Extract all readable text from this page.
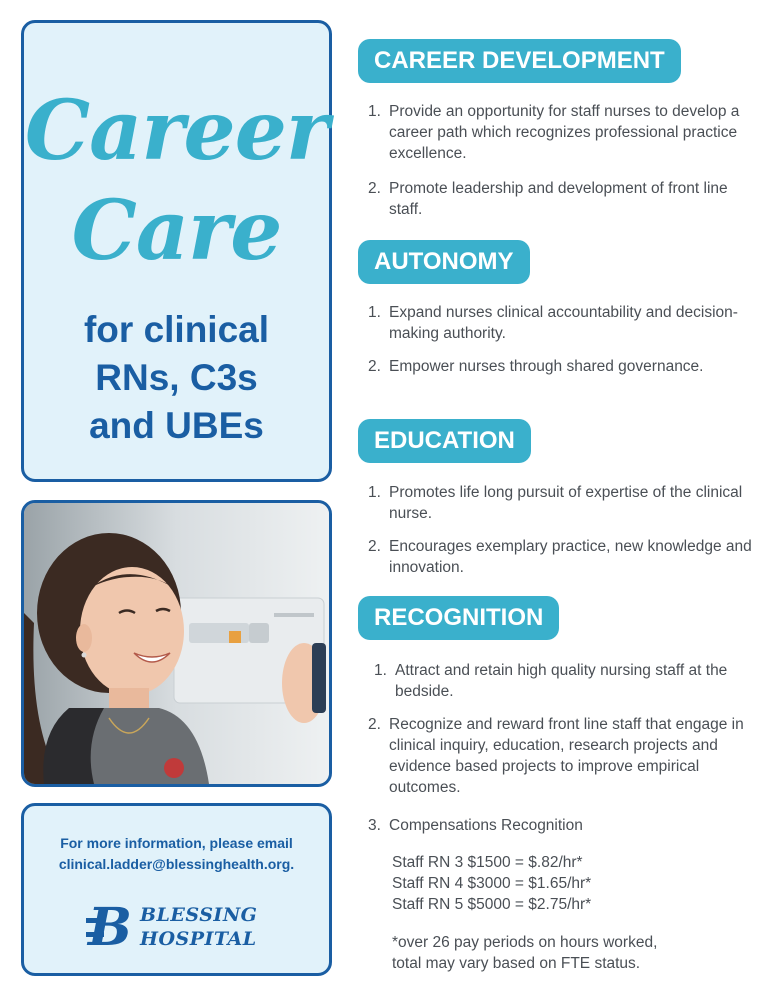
Career
Care
for clinical
RNs, C3s
and UBEs
For more information, please email
clinical.ladder@blessinghealth.org.
B BLESSING
HOSPITAL
CAREER DEVELOPMENT
1. Provide an opportunity for staff nurses to develop a career path which recognizes professional practice excellence.
2. Promote leadership and development of front line staff.
AUTONOMY
1. Expand nurses clinical accountability and decision-making authority.
2. Empower nurses through shared governance.
EDUCATION
1. Promotes life long pursuit of expertise of the clinical nurse.
2. Encourages exemplary practice, new knowledge and innovation.
RECOGNITION
1. Attract and retain high quality nursing staff at the bedside.
2. Recognize and reward front line staff that engage in clinical inquiry, education, research projects and evidence based projects to improve empirical outcomes.
3. Compensations Recognition
Staff RN 3 $1500 = $.82/hr*
Staff RN 4 $3000 = $1.65/hr*
Staff RN 5 $5000 = $2.75/hr*
*over 26 pay periods on hours worked,
total may vary based on FTE status.
